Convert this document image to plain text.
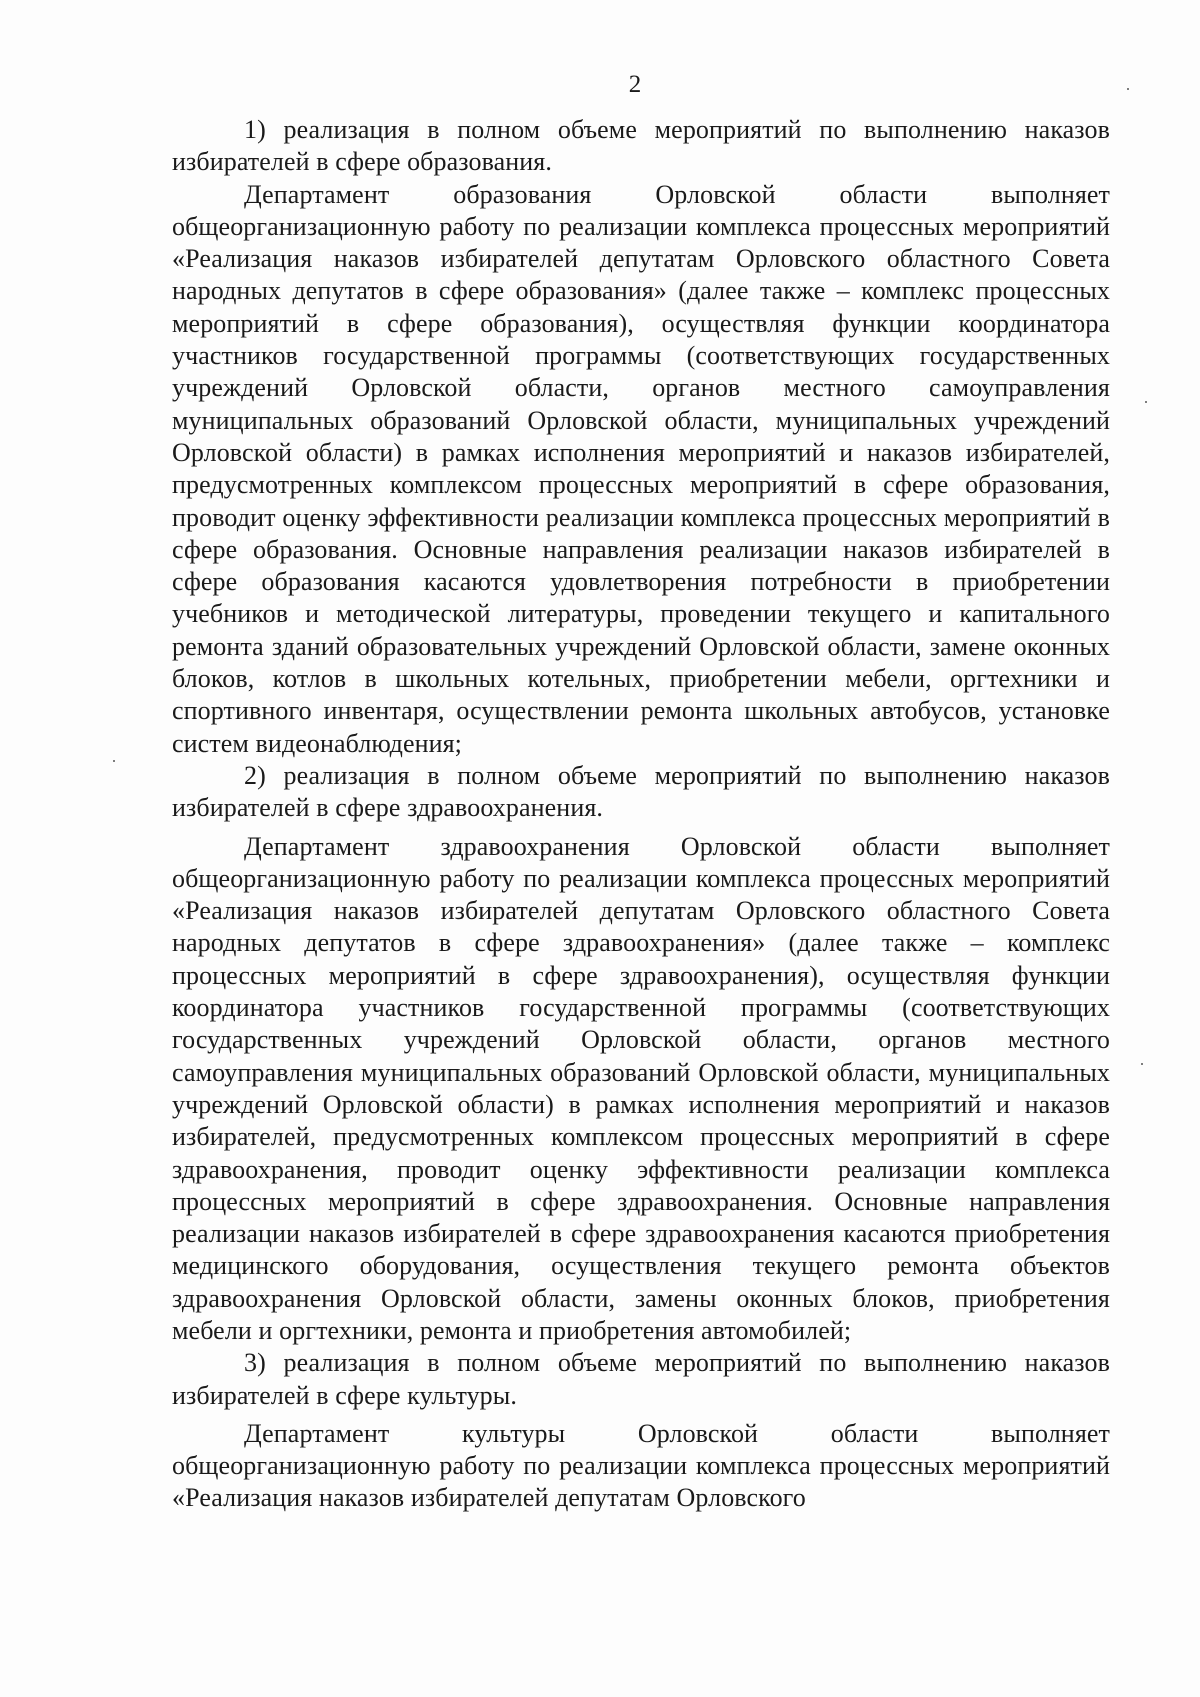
2

1) реализация в полном объеме мероприятий по выполнению наказов избирателей в сфере образования.

Департамент образования Орловской области выполняет общеорганизационную работу по реализации комплекса процессных мероприятий «Реализация наказов избирателей депутатам Орловского областного Совета народных депутатов в сфере образования» (далее также – комплекс процессных мероприятий в сфере образования), осуществляя функции координатора участников государственной программы (соответствующих государственных учреждений Орловской области, органов местного самоуправления муниципальных образований Орловской области, муниципальных учреждений Орловской области) в рамках исполнения мероприятий и наказов избирателей, предусмотренных комплексом процессных мероприятий в сфере образования, проводит оценку эффективности реализации комплекса процессных мероприятий в сфере образования. Основные направления реализации наказов избирателей в сфере образования касаются удовлетворения потребности в приобретении учебников и методической литературы, проведении текущего и капитального ремонта зданий образовательных учреждений Орловской области, замене оконных блоков, котлов в школьных котельных, приобретении мебели, оргтехники и спортивного инвентаря, осуществлении ремонта школьных автобусов, установке систем видеонаблюдения;

2) реализация в полном объеме мероприятий по выполнению наказов избирателей в сфере здравоохранения.

Департамент здравоохранения Орловской области выполняет общеорганизационную работу по реализации комплекса процессных мероприятий «Реализация наказов избирателей депутатам Орловского областного Совета народных депутатов в сфере здравоохранения» (далее также – комплекс процессных мероприятий в сфере здравоохранения), осуществляя функции координатора участников государственной программы (соответствующих государственных учреждений Орловской области, органов местного самоуправления муниципальных образований Орловской области, муниципальных учреждений Орловской области) в рамках исполнения мероприятий и наказов избирателей, предусмотренных комплексом процессных мероприятий в сфере здравоохранения, проводит оценку эффективности реализации комплекса процессных мероприятий в сфере здравоохранения. Основные направления реализации наказов избирателей в сфере здравоохранения касаются приобретения медицинского оборудования, осуществления текущего ремонта объектов здравоохранения Орловской области, замены оконных блоков, приобретения мебели и оргтехники, ремонта и приобретения автомобилей;

3) реализация в полном объеме мероприятий по выполнению наказов избирателей в сфере культуры.

Департамент культуры Орловской области выполняет общеорганизационную работу по реализации комплекса процессных мероприятий «Реализация наказов избирателей депутатам Орловского
